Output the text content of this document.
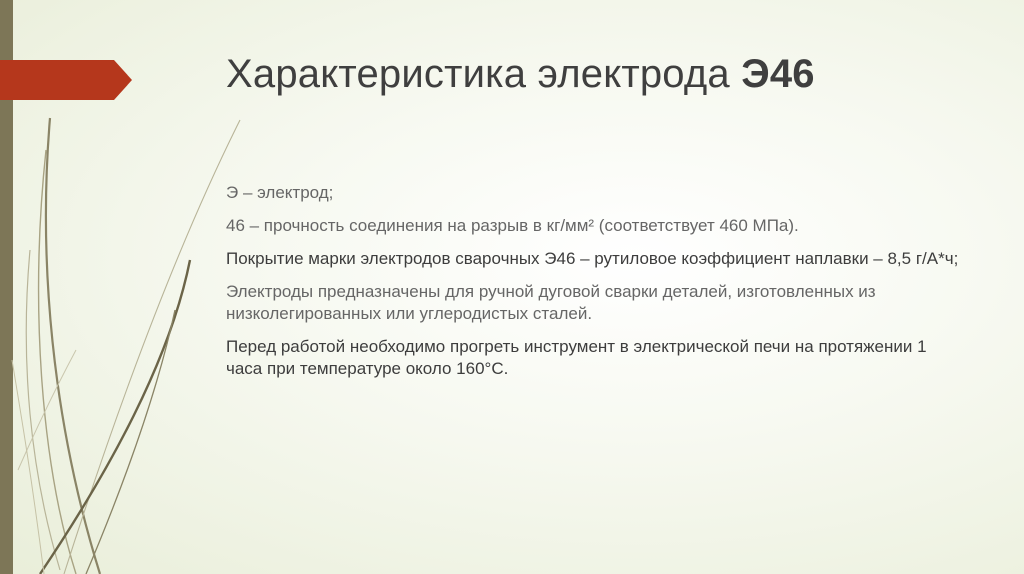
Характеристика электрода Э46

Э – электрод;

46 – прочность соединения на разрыв в кг/мм² (соответствует 460 МПа).

Покрытие марки электродов сварочных Э46 – рутиловое коэффициент наплавки – 8,5 г/А*ч;

Электроды предназначены для ручной дуговой сварки деталей, изготовленных из низколегированных или углеродистых сталей.

Перед работой необходимо прогреть инструмент в электрической печи на протяжении 1 часа при температуре около 160°С.
